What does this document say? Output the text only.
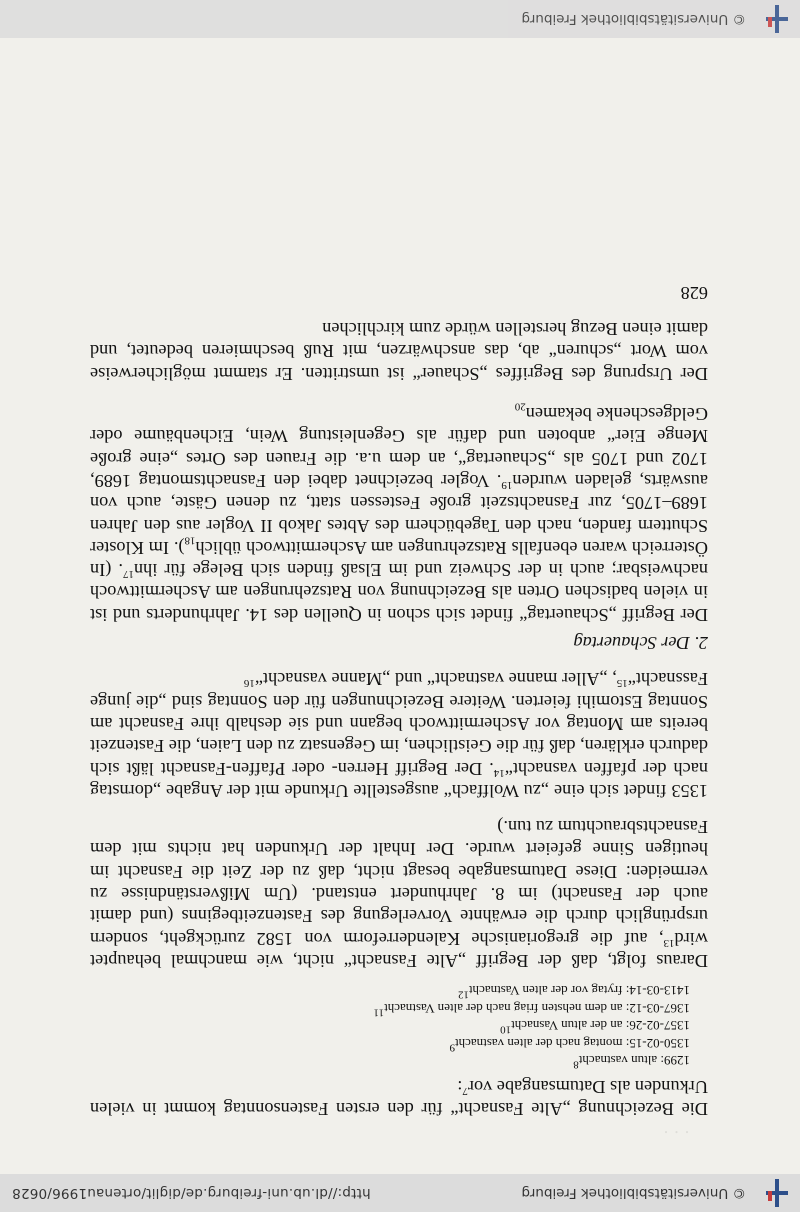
© Universitätsbibliothek Freiburg
http://dl.ub.uni-freiburg.de/diglit/ortenau1996/0628
· · ·

Die Bezeichnung „Alte Fasnacht“ für den ersten Fastensonntag kommt in vielen Urkunden als Datumsangabe vor$^7$:

1299: altun vastnacht$^8$
1350-02-15: montag nach der alten vastnacht$^9$
1357-02-26: an der altun Vasnacht$^{10}$
1367-03-12: an dem nehsten friag nach der alten Vastnacht$^{11}$
1413-03-14: frytag vor der alten Vastnacht$^{12}$

Daraus folgt, daß der Begriff „Alte Fasnacht“ nicht, wie manchmal behauptet wird$^{13}$, auf die gregorianische Kalenderreform von 1582 zurückgeht, sondern ursprünglich durch die erwähnte Vorverlegung des Fastenzeitbeginns (und damit auch der Fasnacht) im 8. Jahrhundert entstand. (Um Mißverständnisse zu vermeiden: Diese Datumsangabe besagt nicht, daß zu der Zeit die Fasnacht im heutigen Sinne gefeiert wurde. Der Inhalt der Urkunden hat nichts mit dem Fasnachtsbrauchtum zu tun.)

1353 findet sich eine „zu Wolffach“ ausgestellte Urkunde mit der Angabe „dornstag nach der pfaffen vasnacht“$^{14}$. Der Begriff Herren- oder Pfaffen-Fasnacht läßt sich dadurch erklären, daß für die Geistlichen, im Gegensatz zu den Laien, die Fastenzeit bereits am Montag vor Aschermittwoch begann und sie deshalb ihre Fasnacht am Sonntag Estomihi feierten. Weitere Bezeichnungen für den Sonntag sind „die junge Fassnacht“$^{15}$, „Aller manne vastnacht“ und „Manne vasnacht“$^{16}$

2. Der Schauertag

Der Begriff „Schauertag“ findet sich schon in Quellen des 14. Jahrhunderts und ist in vielen badischen Orten als Bezeichnung von Ratszehrungen am Aschermittwoch nachweisbar; auch in der Schweiz und im Elsaß finden sich Belege für ihn$^{17}$. (In Österreich waren ebenfalls Ratszehrungen am Aschermittwoch üblich$_{18}$). Im Kloster Schuttern fanden, nach den Tagebüchern des Abtes Jakob II Vogler aus den Jahren 1689–1705, zur Fasnachtszeit große Festessen statt, zu denen Gäste, auch von auswärts, geladen wurden$^{19}$. Vogler bezeichnet dabei den Fasnachtsmontag 1689, 1702 und 1705 als „Schauertag“, an dem u.a. die Frauen des Ortes „eine große Menge Eier“ anboten und dafür als Gegenleistung Wein, Eichenbäume oder Geldgeschenke bekamen$_{20}$

Der Ursprung des Begriffes „Schauer“ ist umstritten. Er stammt möglicherweise vom Wort „schuren“ ab, das anschwärzen, mit Ruß beschmieren bedeutet, und damit einen Bezug herstellen würde zum kirchlichen

628
© Universitätsbibliothek Freiburg
